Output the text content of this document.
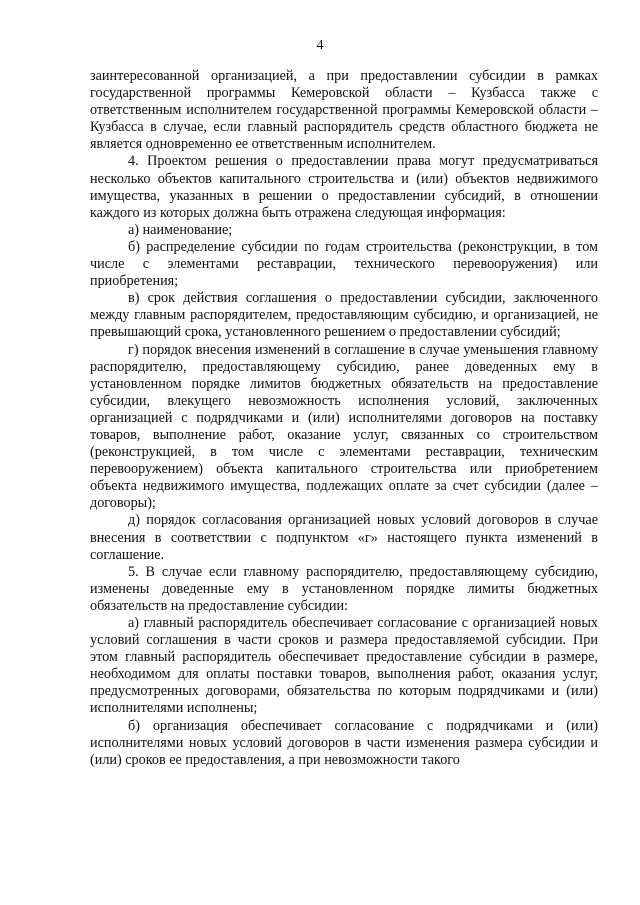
4

заинтересованной организацией, а при предоставлении субсидии в рамках государственной программы Кемеровской области – Кузбасса также с ответственным исполнителем государственной программы Кемеровской области – Кузбасса в случае, если главный распорядитель средств областного бюджета не является одновременно ее ответственным исполнителем.

4. Проектом решения о предоставлении права могут предусматриваться несколько объектов капитального строительства и (или) объектов недвижимого имущества, указанных в решении о предоставлении субсидий, в отношении каждого из которых должна быть отражена следующая информация:

а) наименование;

б) распределение субсидии по годам строительства (реконструкции, в том числе с элементами реставрации, технического перевооружения) или приобретения;

в) срок действия соглашения о предоставлении субсидии, заключенного между главным распорядителем, предоставляющим субсидию, и организацией, не превышающий срока, установленного решением о предоставлении субсидий;

г) порядок внесения изменений в соглашение в случае уменьшения главному распорядителю, предоставляющему субсидию, ранее доведенных ему в установленном порядке лимитов бюджетных обязательств на предоставление субсидии, влекущего невозможность исполнения условий, заключенных организацией с подрядчиками и (или) исполнителями договоров на поставку товаров, выполнение работ, оказание услуг, связанных со строительством (реконструкцией, в том числе с элементами реставрации, техническим перевооружением) объекта капитального строительства или приобретением объекта недвижимого имущества, подлежащих оплате за счет субсидии (далее – договоры);

д) порядок согласования организацией новых условий договоров в случае внесения в соответствии с подпунктом «г» настоящего пункта изменений в соглашение.

5. В случае если главному распорядителю, предоставляющему субсидию, изменены доведенные ему в установленном порядке лимиты бюджетных обязательств на предоставление субсидии:

а) главный распорядитель обеспечивает согласование с организацией новых условий соглашения в части сроков и размера предоставляемой субсидии. При этом главный распорядитель обеспечивает предоставление субсидии в размере, необходимом для оплаты поставки товаров, выполнения работ, оказания услуг, предусмотренных договорами, обязательства по которым подрядчиками и (или) исполнителями исполнены;

б) организация обеспечивает согласование с подрядчиками и (или) исполнителями новых условий договоров в части изменения размера субсидии и (или) сроков ее предоставления, а при невозможности такого
